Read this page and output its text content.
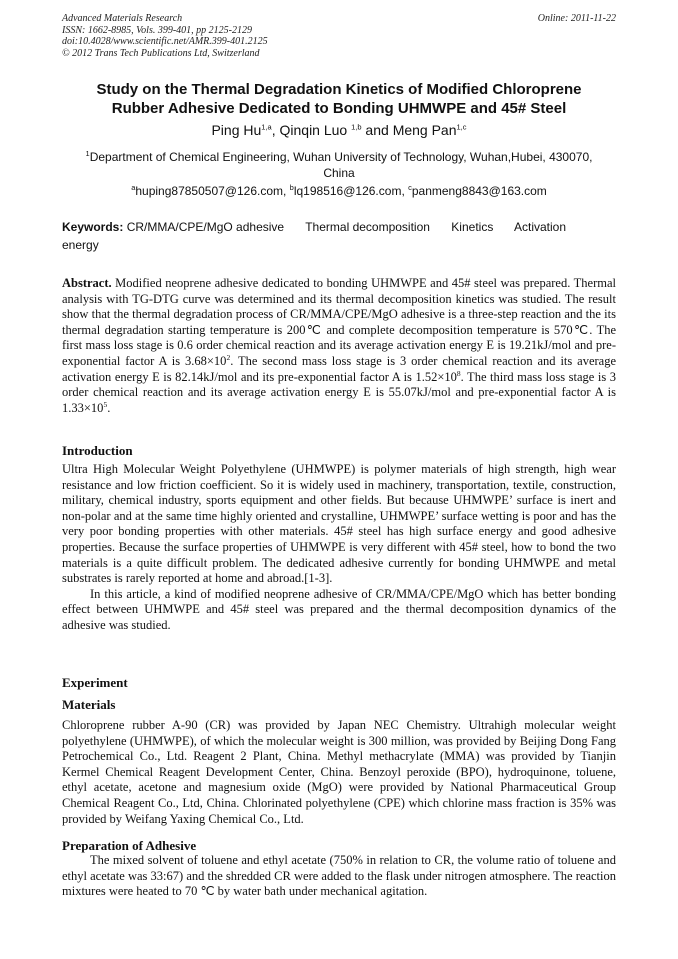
Advanced Materials Research
ISSN: 1662-8985, Vols. 399-401, pp 2125-2129
doi:10.4028/www.scientific.net/AMR.399-401.2125
© 2012 Trans Tech Publications Ltd, Switzerland
Online: 2011-11-22
Study on the Thermal Degradation Kinetics of Modified Chloroprene
Rubber Adhesive Dedicated to Bonding UHMWPE and 45# Steel
Ping Hu$^{1,a}$, Qinqin Luo $^{1,b}$ and Meng Pan$^{1,c}$
$^1$Department of Chemical Engineering, Wuhan University of Technology, Wuhan,Hubei, 430070,
China
$^a$huping87850507@126.com, $^b$lq198516@126.com, $^c$panmeng8843@163.com
Keywords: CR/MMA/CPE/MgO adhesive Thermal decomposition Kinetics Activation energy

Abstract. Modified neoprene adhesive dedicated to bonding UHMWPE and 45# steel was prepared. Thermal analysis with TG-DTG curve was determined and its thermal decomposition kinetics was studied. The result show that the thermal degradation process of CR/MMA/CPE/MgO adhesive is a three-step reaction and the its thermal degradation starting temperature is 200℃ and complete decomposition temperature is 570℃. The first mass loss stage is 0.6 order chemical reaction and its average activation energy E is 19.21kJ/mol and pre-exponential factor A is $3.68\times 10^2$. The second mass loss stage is 3 order chemical reaction and its average activation energy E is 82.14kJ/mol and its pre-exponential factor A is $1.52\times 10^8$. The third mass loss stage is 3 order chemical reaction and its average activation energy E is 55.07kJ/mol and pre-exponential factor A is $1.33\times 10^5$.

Introduction

Ultra High Molecular Weight Polyethylene (UHMWPE) is polymer materials of high strength, high wear resistance and low friction coefficient. So it is widely used in machinery, transportation, textile, construction, military, chemical industry, sports equipment and other fields. But because UHMWPE’ surface is inert and non-polar and at the same time highly oriented and crystalline, UHMWPE’ surface wetting is poor and has the very poor bonding properties with other materials. 45# steel has high surface energy and good adhesive properties. Because the surface properties of UHMWPE is very different with 45# steel, how to bond the two materials is a quite difficult problem. The dedicated adhesive currently for bonding UHMWPE and metal substrates is rarely reported at home and abroad.[1-3].

In this article, a kind of modified neoprene adhesive of CR/MMA/CPE/MgO which has better bonding effect between UHMWPE and 45# steel was prepared and the thermal decomposition dynamics of the adhesive was studied.

Experiment
Materials

Chloroprene rubber A-90 (CR) was provided by Japan NEC Chemistry. Ultrahigh molecular weight polyethylene (UHMWPE), of which the molecular weight is 300 million, was provided by Beijing Dong Fang Petrochemical Co., Ltd. Reagent 2 Plant, China. Methyl methacrylate (MMA) was provided by Tianjin Kermel Chemical Reagent Development Center, China. Benzoyl peroxide (BPO), hydroquinone, toluene, ethyl acetate, acetone and magnesium oxide (MgO) were provided by National Pharmaceutical Group Chemical Reagent Co., Ltd, China. Chlorinated polyethylene (CPE) which chlorine mass fraction is 35% was provided by Weifang Yaxing Chemical Co., Ltd.

Preparation of Adhesive

The mixed solvent of toluene and ethyl acetate (750% in relation to CR, the volume ratio of toluene and ethyl acetate was 33:67) and the shredded CR were added to the flask under nitrogen atmosphere. The reaction mixtures were heated to 70 ℃ by water bath under mechanical agitation.
